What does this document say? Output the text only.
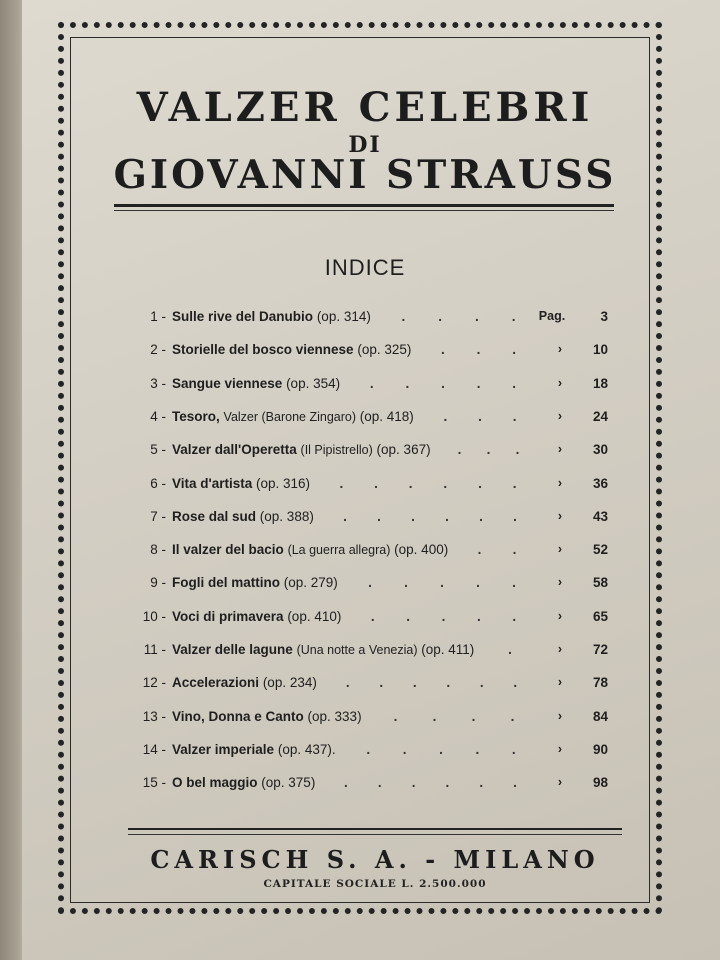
VALZER CELEBRI
DI
GIOVANNI STRAUSS
INDICE
1 - Sulle rive del Danubio (op. 314)	Pag.	3
. . . .
2 - Storielle del bosco viennese (op. 325)	›	10
. . .
3 - Sangue viennese (op. 354)	›	18
. . . . .
4 - Tesoro, Valzer (Barone Zingaro) (op. 418)	›	24
. . .
5 - Valzer dall'Operetta (Il Pipistrello) (op. 367)	›	30
. . .
6 - Vita d'artista (op. 316)	›	36
. . . . . .
7 - Rose dal sud (op. 388)	›	43
. . . . . .
8 - Il valzer del bacio (La guerra allegra) (op. 400)	›	52
. .
9 - Fogli del mattino (op. 279)	›	58
. . . . .
10 - Voci di primavera (op. 410)	›	65
. . . . .
11 - Valzer delle lagune (Una notte a Venezia) (op. 411)	›	72
.
12 - Accelerazioni (op. 234)	›	78
. . . . . .
13 - Vino, Donna e Canto (op. 333)	›	84
.	.	.	.
14 - Valzer imperiale (op. 437).	›	90
. . . . .
15 - O bel maggio (op. 375)	›	98
. . . . . .
CARISCH S. A. - MILANO
CAPITALE SOCIALE L. 2.500.000
